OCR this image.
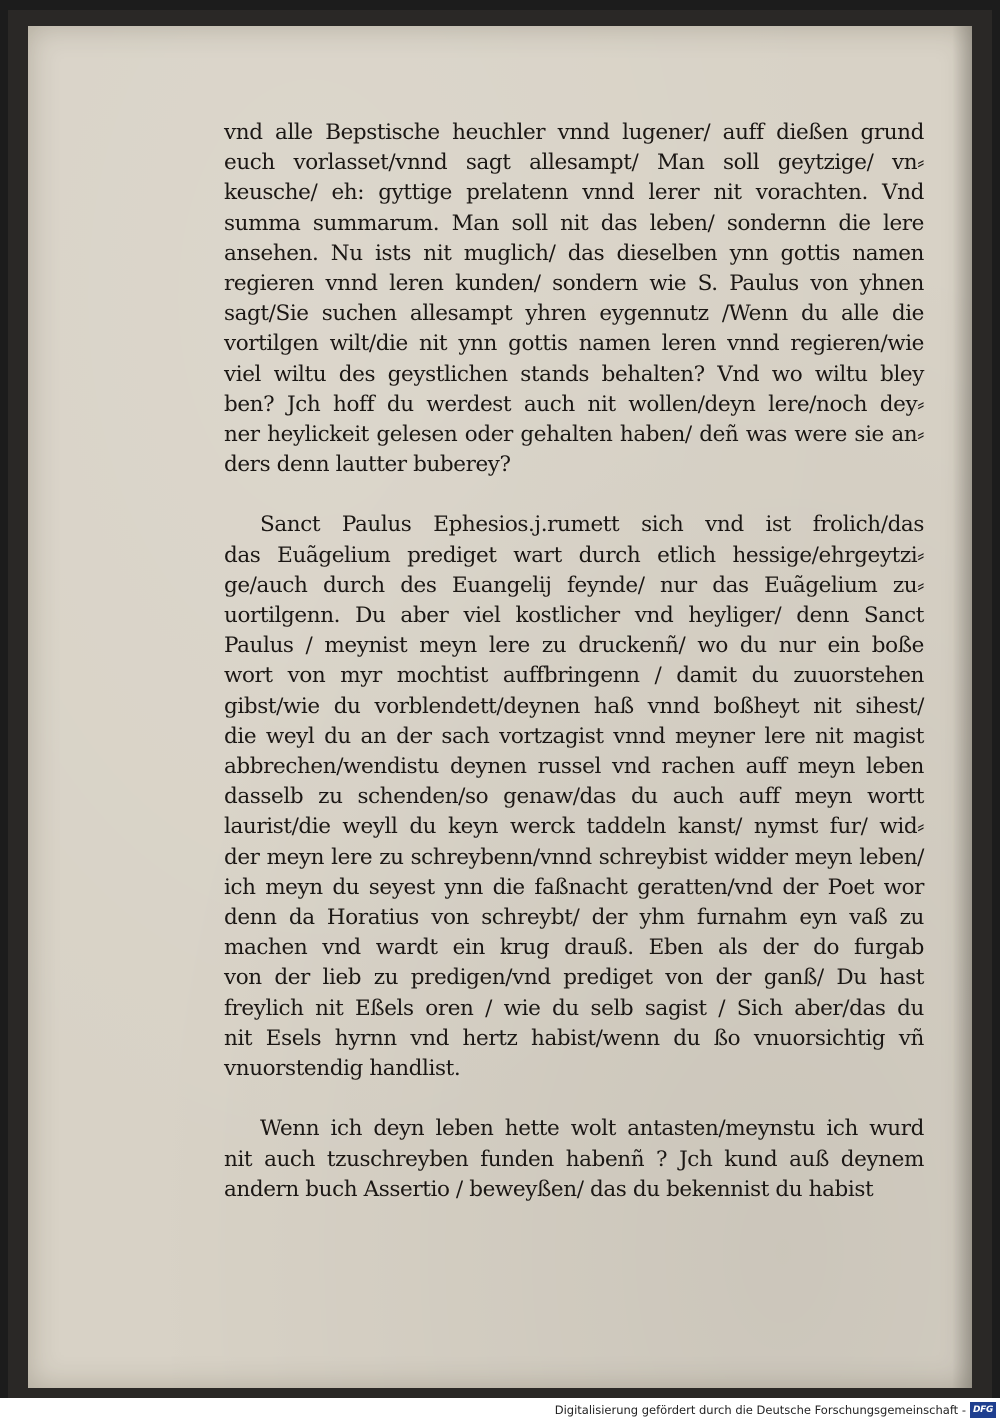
vnd alle Bepstische heuchler vnnd lugener/ auff dießen grund
euch vorlasset/vnnd sagt allesampt/ Man soll geytzige/ vn⸗
keusche/ eh: gyttige prelatenn vnnd lerer nit vorachten. Vnd
summa summarum. Man soll nit das leben/ sondernn die lere
ansehen. Nu ists nit muglich/ das dieselben ynn gottis namen
regieren vnnd leren kunden/ sondern wie S. Paulus von yhnen
sagt/Sie suchen allesampt yhren eygennutz /Wenn du alle die
vortilgen wilt/die nit ynn gottis namen leren vnnd regieren/wie
viel wiltu des geystlichen stands behalten? Vnd wo wiltu bley
ben? Jch hoff du werdest auch nit wollen/deyn lere/noch dey⸗
ner heylickeit gelesen oder gehalten haben/ deñ was were sie an⸗
ders denn lautter buberey?
Sanct Paulus Ephesios.j.rumett sich vnd ist frolich/das
das Euãgelium prediget wart durch etlich hessige/ehrgeytzi⸗
ge/auch durch des Euangelij feynde/ nur das Euãgelium zu⸗
uortilgenn. Du aber viel kostlicher vnd heyliger/ denn Sanct
Paulus / meynist meyn lere zu druckenñ/ wo du nur ein boße
wort von myr mochtist auffbringenn / damit du zuuorstehen
gibst/wie du vorblendett/deynen haß vnnd boßheyt nit sihest/
die weyl du an der sach vortzagist vnnd meyner lere nit magist
abbrechen/wendistu deynen russel vnd rachen auff meyn leben
dasselb zu schenden/so genaw/das du auch auff meyn wortt
laurist/die weyll du keyn werck taddeln kanst/ nymst fur/ wid⸗
der meyn lere zu schreybenn/vnnd schreybist widder meyn leben/
ich meyn du seyest ynn die faßnacht geratten/vnd der Poet wor
denn da Horatius von schreybt/ der yhm furnahm eyn vaß zu
machen vnd wardt ein krug drauß. Eben als der do furgab
von der lieb zu predigen/vnd prediget von der ganß/ Du hast
freylich nit Eßels oren / wie du selb sagist / Sich aber/das du
nit Esels hyrnn vnd hertz habist/wenn du ßo vnuorsichtig vñ
vnuorstendig handlist.
Wenn ich deyn leben hette wolt antasten/meynstu ich wurd
nit auch tzuschreyben funden habenñ ? Jch kund auß deynem
andern buch Assertio / beweyßen/ das du bekennist du habist
Digitalisierung gefördert durch die Deutsche Forschungsgemeinschaft - DFG
